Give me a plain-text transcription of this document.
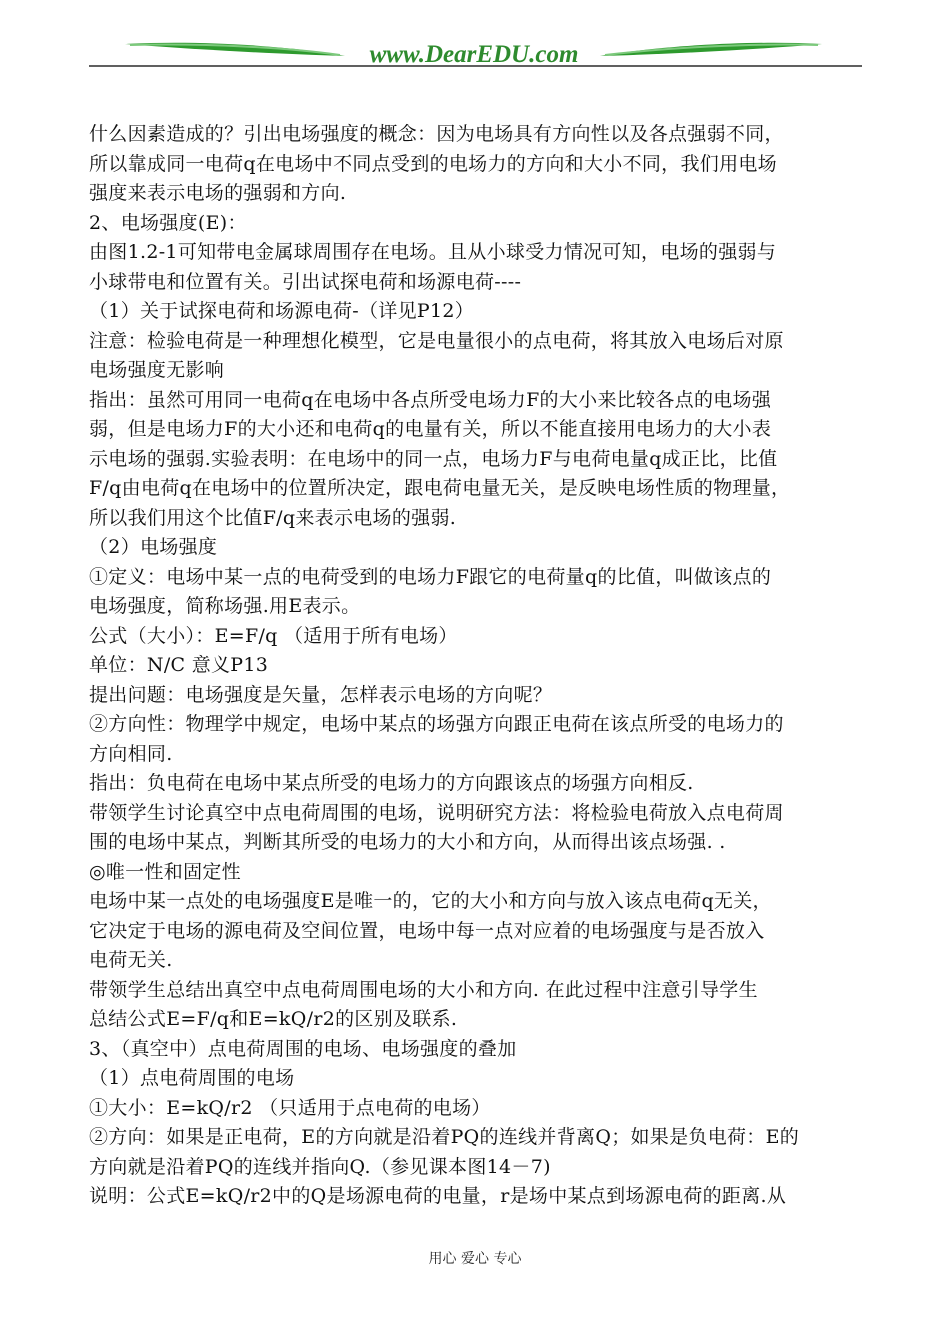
www.DearEDU.com

什么因素造成的？引出电场强度的概念：因为电场具有方向性以及各点强弱不同，

所以靠成同一电荷q在电场中不同点受到的电场力的方向和大小不同，我们用电场

强度来表示电场的强弱和方向.

2、电场强度(E)：

由图1.2-1可知带电金属球周围存在电场。且从小球受力情况可知，电场的强弱与

小球带电和位置有关。引出试探电荷和场源电荷----

（1）关于试探电荷和场源电荷-（详见P12）

注意：检验电荷是一种理想化模型，它是电量很小的点电荷，将其放入电场后对原

电场强度无影响

指出：虽然可用同一电荷q在电场中各点所受电场力F的大小来比较各点的电场强

弱，但是电场力F的大小还和电荷q的电量有关，所以不能直接用电场力的大小表

示电场的强弱.实验表明：在电场中的同一点，电场力F与电荷电量q成正比，比值

F/q由电荷q在电场中的位置所决定，跟电荷电量无关，是反映电场性质的物理量，

所以我们用这个比值F/q来表示电场的强弱.

（2）电场强度

①定义：电场中某一点的电荷受到的电场力F跟它的电荷量q的比值，叫做该点的

电场强度，简称场强.用E表示。

公式（大小）：E=F/q （适用于所有电场）

单位：N/C 意义P13

提出问题：电场强度是矢量，怎样表示电场的方向呢？

②方向性：物理学中规定，电场中某点的场强方向跟正电荷在该点所受的电场力的

方向相同.

指出：负电荷在电场中某点所受的电场力的方向跟该点的场强方向相反.

带领学生讨论真空中点电荷周围的电场，说明研究方法：将检验电荷放入点电荷周

围的电场中某点，判断其所受的电场力的大小和方向，从而得出该点场强. .

◎唯一性和固定性

电场中某一点处的电场强度E是唯一的，它的大小和方向与放入该点电荷q无关，

它决定于电场的源电荷及空间位置，电场中每一点对应着的电场强度与是否放入

电荷无关.

带领学生总结出真空中点电荷周围电场的大小和方向. 在此过程中注意引导学生

总结公式E=F/q和E=kQ/r2的区别及联系.

3、（真空中）点电荷周围的电场、电场强度的叠加

（1）点电荷周围的电场

①大小：E=kQ/r2 （只适用于点电荷的电场）

②方向：如果是正电荷，E的方向就是沿着PQ的连线并背离Q；如果是负电荷：E的

方向就是沿着PQ的连线并指向Q.（参见课本图14－7)

说明：公式E=kQ/r2中的Q是场源电荷的电量，r是场中某点到场源电荷的距离.从

用心 爱心 专心
